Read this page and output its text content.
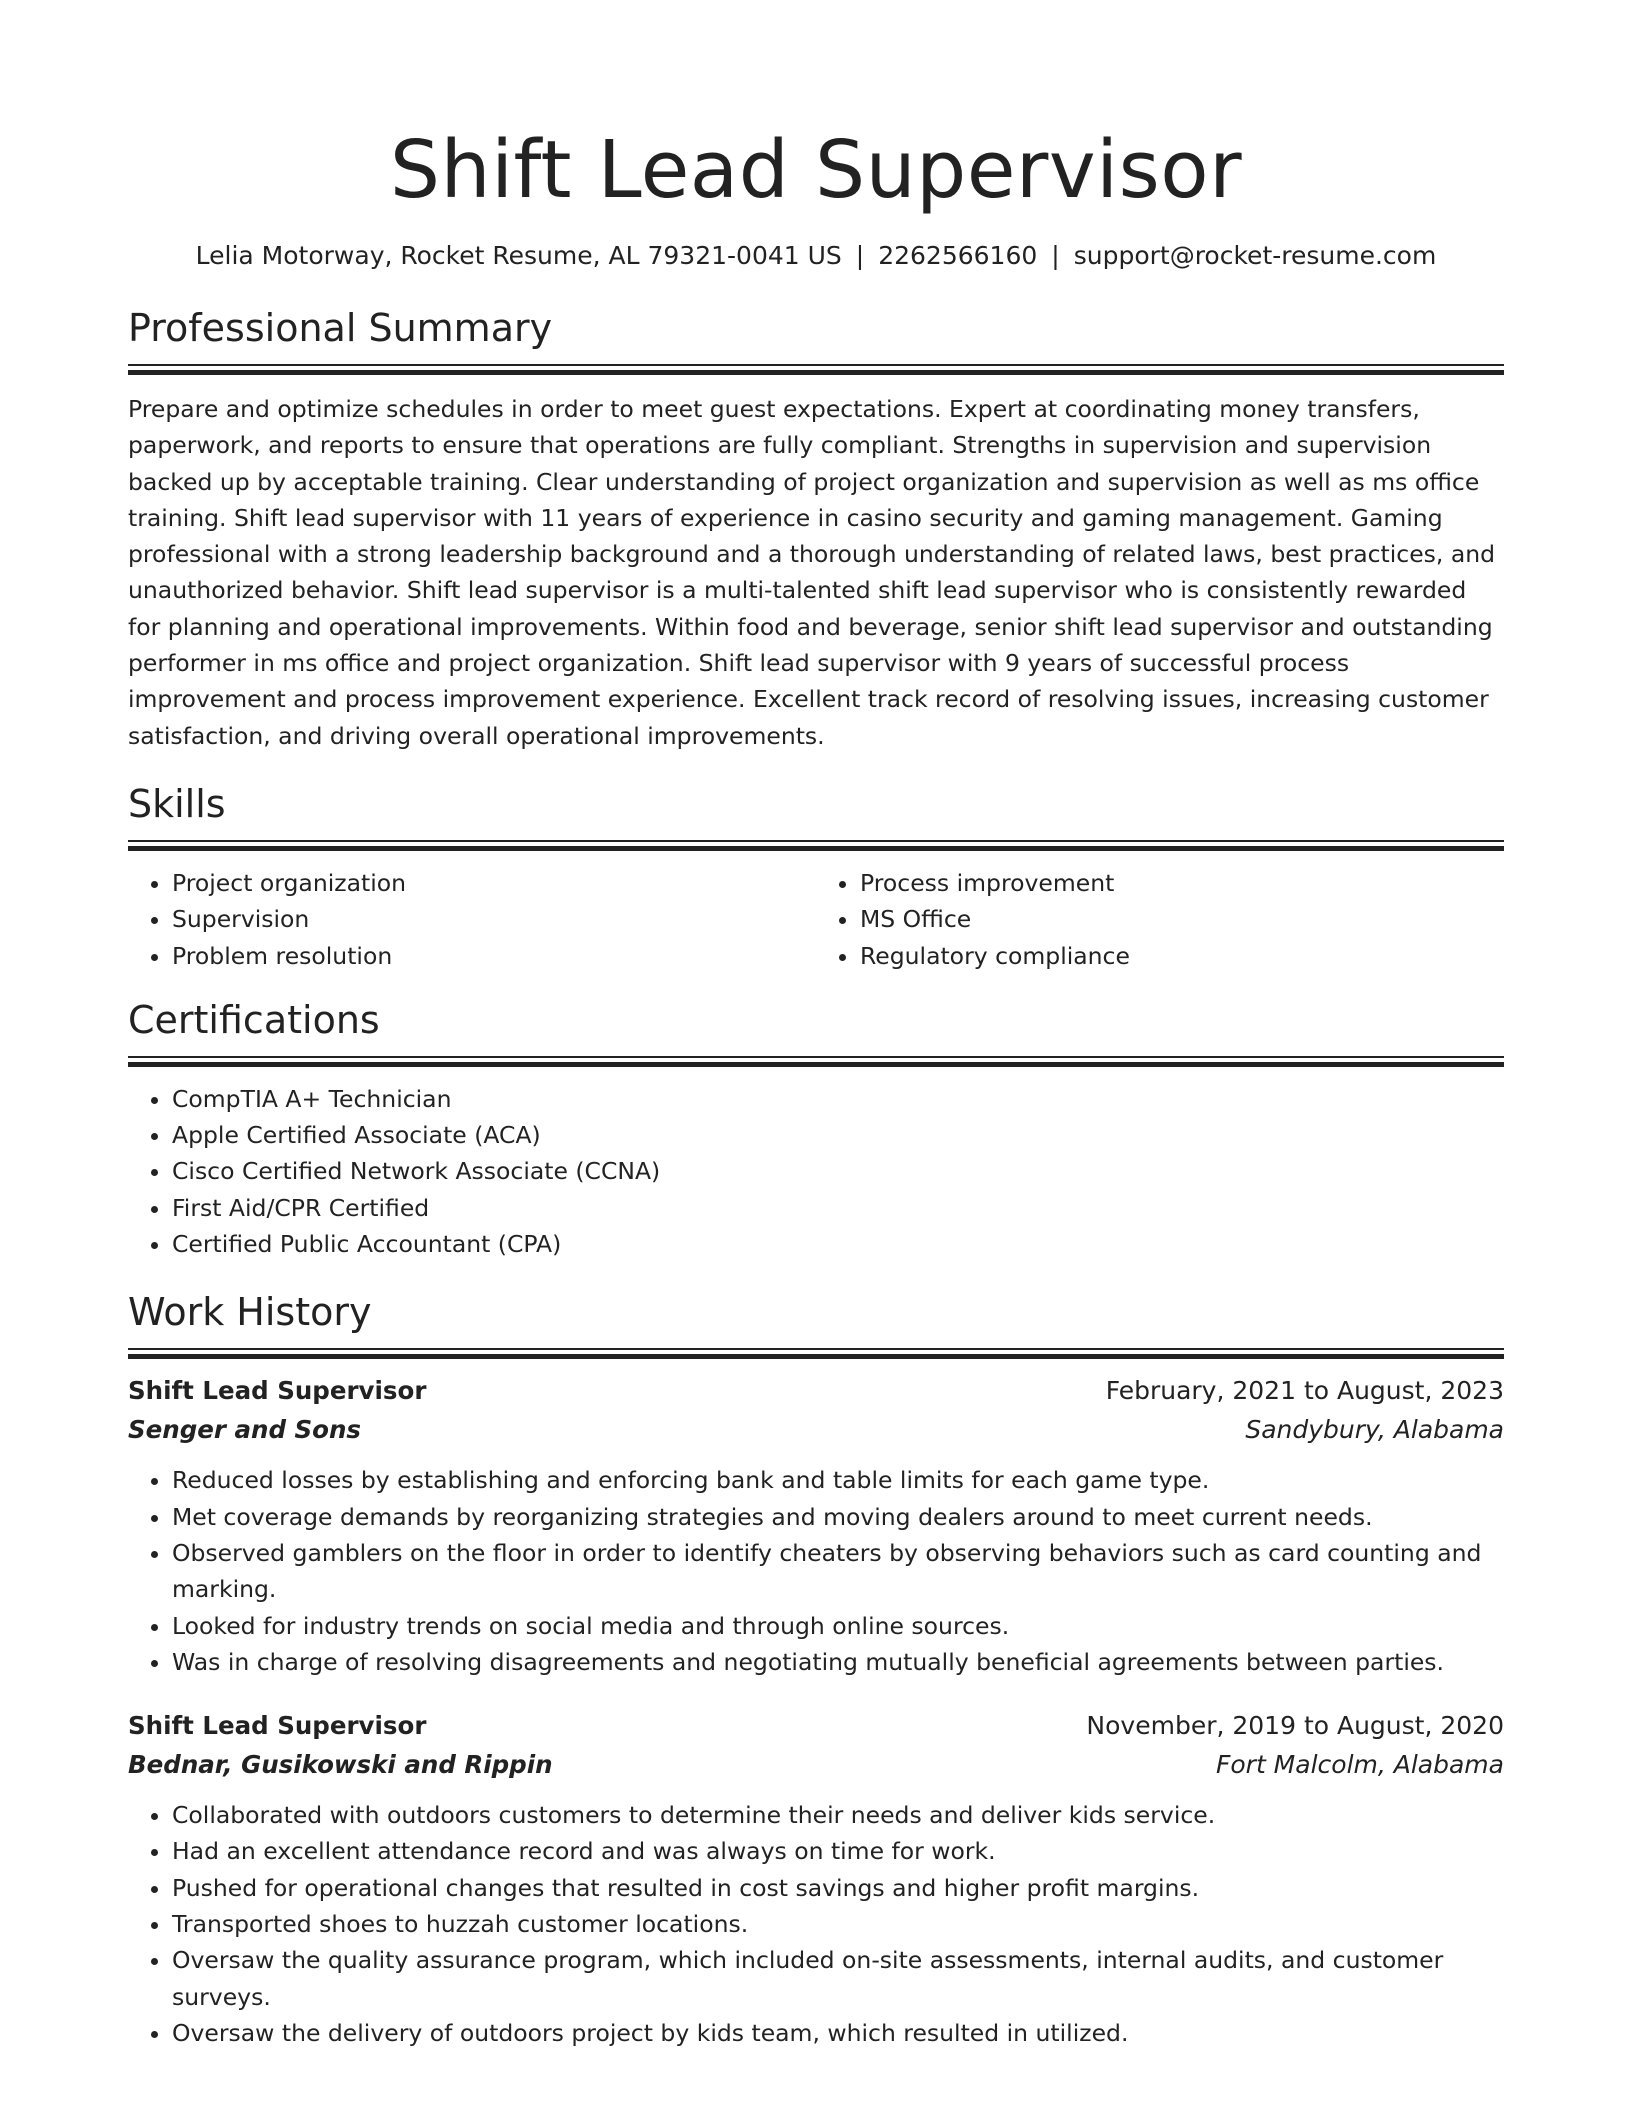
Shift Lead Supervisor
Lelia Motorway, Rocket Resume, AL 79321-0041 US | 2262566160 | support@rocket-resume.com
Professional Summary

Prepare and optimize schedules in order to meet guest expectations. Expert at coordinating money transfers, paperwork, and reports to ensure that operations are fully compliant. Strengths in supervision and supervision backed up by acceptable training. Clear understanding of project organization and supervision as well as ms office training. Shift lead supervisor with 11 years of experience in casino security and gaming management. Gaming professional with a strong leadership background and a thorough understanding of related laws, best practices, and unauthorized behavior. Shift lead supervisor is a multi-talented shift lead supervisor who is consistently rewarded for planning and operational improvements. Within food and beverage, senior shift lead supervisor and outstanding performer in ms office and project organization. Shift lead supervisor with 9 years of successful process improvement and process improvement experience. Excellent track record of resolving issues, increasing customer satisfaction, and driving overall operational improvements.

Skills
• Project organization
• Supervision
• Problem resolution
• Process improvement
• MS Office
• Regulatory compliance
Certifications
• CompTIA A+ Technician
• Apple Certified Associate (ACA)
• Cisco Certified Network Associate (CCNA)
• First Aid/CPR Certified
• Certified Public Accountant (CPA)
Work History
Shift Lead Supervisor	February, 2021 to August, 2023
Senger and Sons	Sandybury, Alabama
• Reduced losses by establishing and enforcing bank and table limits for each game type.
• Met coverage demands by reorganizing strategies and moving dealers around to meet current needs.
• Observed gamblers on the floor in order to identify cheaters by observing behaviors such as card counting and marking.
• Looked for industry trends on social media and through online sources.
• Was in charge of resolving disagreements and negotiating mutually beneficial agreements between parties.
Shift Lead Supervisor	November, 2019 to August, 2020
Bednar, Gusikowski and Rippin	Fort Malcolm, Alabama
• Collaborated with outdoors customers to determine their needs and deliver kids service.
• Had an excellent attendance record and was always on time for work.
• Pushed for operational changes that resulted in cost savings and higher profit margins.
• Transported shoes to huzzah customer locations.
• Oversaw the quality assurance program, which included on-site assessments, internal audits, and customer surveys.
• Oversaw the delivery of outdoors project by kids team, which resulted in utilized.
